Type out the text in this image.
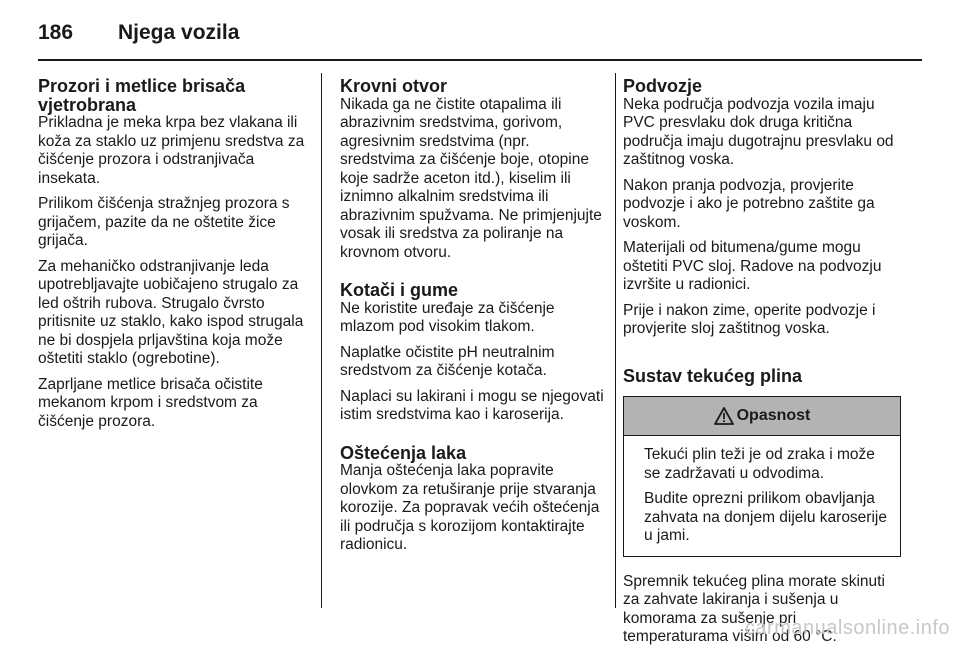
186	Njega vozila
Prozori i metlice brisača vjetrobrana

Prikladna je meka krpa bez vlakana ili koža za staklo uz primjenu sredstva za čišćenje prozora i odstranjivača insekata.

Prilikom čišćenja stražnjeg prozora s grijačem, pazite da ne oštetite žice grijača.

Za mehaničko odstranjivanje leda upotrebljavajte uobičajeno strugalo za led oštrih rubova. Strugalo čvrsto pritisnite uz staklo, kako ispod strugala ne bi dospjela prljavština koja može oštetiti staklo (ogrebotine).

Zaprljane metlice brisača očistite mekanom krpom i sredstvom za čišćenje prozora.

Krovni otvor

Nikada ga ne čistite otapalima ili abrazivnim sredstvima, gorivom, agresivnim sredstvima (npr. sredstvima za čišćenje boje, otopine koje sadrže aceton itd.), kiselim ili iznimno alkalnim sredstvima ili abrazivnim spužvama. Ne primjenjujte vosak ili sredstva za poliranje na krovnom otvoru.

Kotači i gume

Ne koristite uređaje za čišćenje mlazom pod visokim tlakom.

Naplatke očistite pH neutralnim sredstvom za čišćenje kotača.

Naplaci su lakirani i mogu se njegovati istim sredstvima kao i karoserija.

Oštećenja laka

Manja oštećenja laka popravite olovkom za retuširanje prije stvaranja korozije. Za popravak većih oštećenja ili područja s korozijom kontaktirajte radionicu.

Podvozje

Neka područja podvozja vozila imaju PVC presvlaku dok druga kritična područja imaju dugotrajnu presvlaku od zaštitnog voska.

Nakon pranja podvozja, provjerite podvozje i ako je potrebno zaštite ga voskom.

Materijali od bitumena/gume mogu oštetiti PVC sloj. Radove na podvozju izvršite u radionici.

Prije i nakon zime, operite podvozje i provjerite sloj zaštitnog voska.

Sustav tekućeg plina
Opasnost

Tekući plin teži je od zraka i može se zadržavati u odvodima.

Budite oprezni prilikom obavljanja zahvata na donjem dijelu karoserije u jami.

Spremnik tekućeg plina morate skinuti za zahvate lakiranja i sušenja u komorama za sušenje pri temperaturama višim od 60 °C.

carmanualsonline.info
